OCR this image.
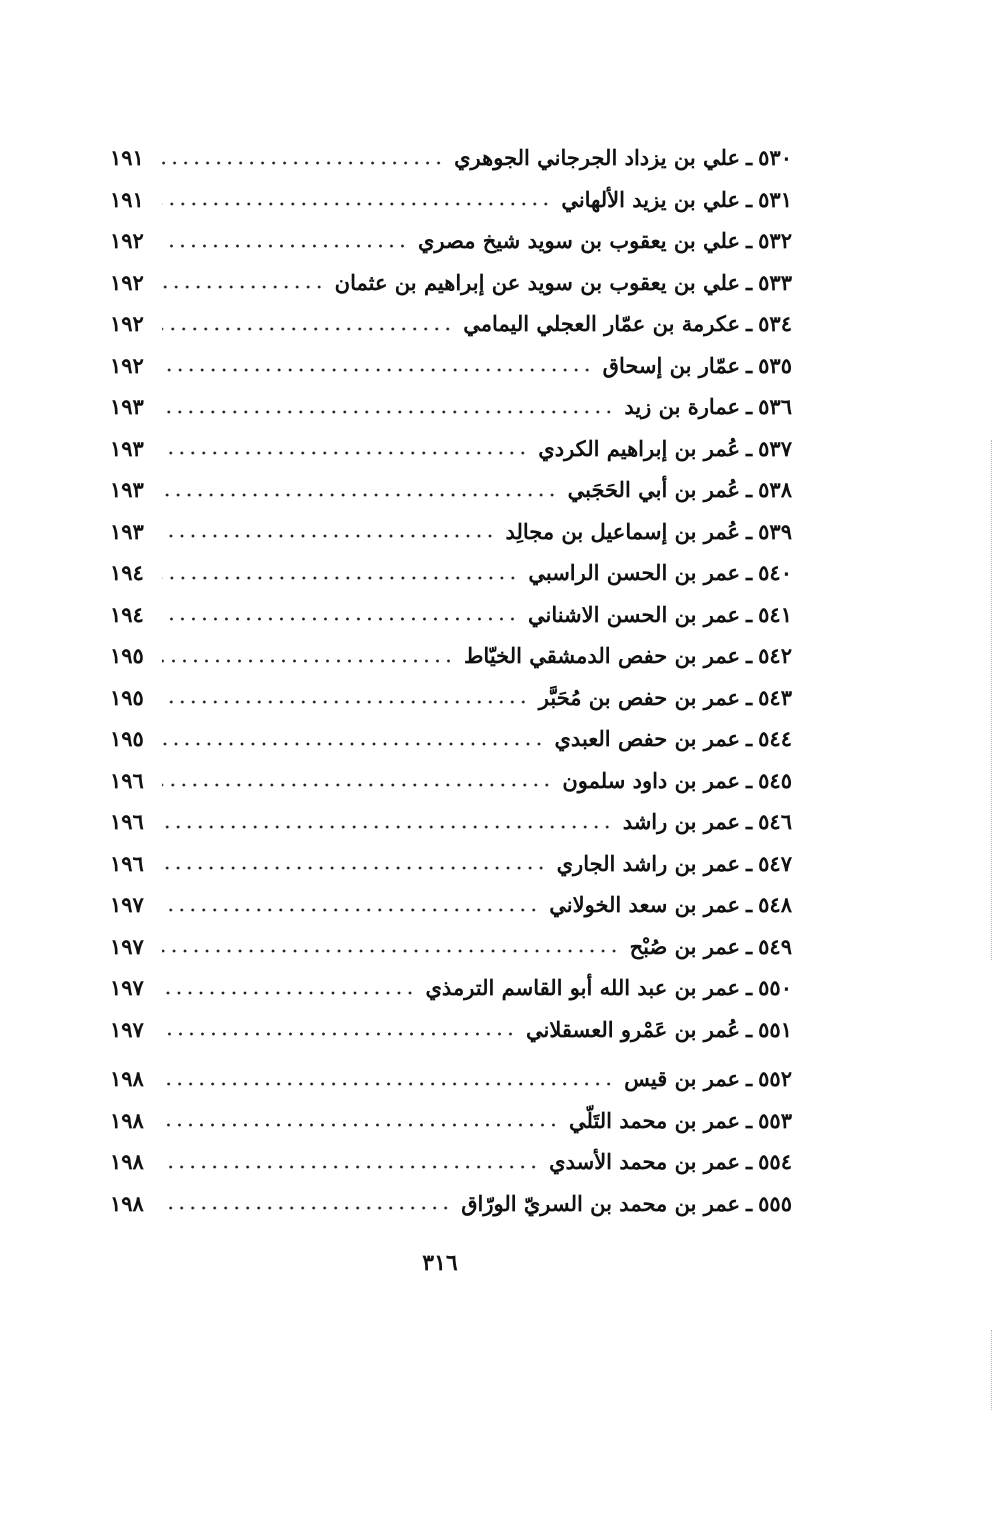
٥٣٠
ـ
علي بن يزداد الجرجاني الجوهري
١٩١
٥٣١
ـ
علي بن يزيد الألهاني
١٩١
٥٣٢
ـ
علي بن يعقوب بن سويد شيخ مصري
١٩٢
٥٣٣
ـ
علي بن يعقوب بن سويد عن إبراهيم بن عثمان
١٩٢
٥٣٤
ـ
عكرمة بن عمّار العجلي اليمامي
١٩٢
٥٣٥
ـ
عمّار بن إسحاق
١٩٢
٥٣٦
ـ
عمارة بن زيد
١٩٣
٥٣٧
ـ
عُمر بن إبراهيم الكردي
١٩٣
٥٣٨
ـ
عُمر بن أبي الحَجَبي
١٩٣
٥٣٩
ـ
عُمر بن إسماعيل بن مجالِد
١٩٣
٥٤٠
ـ
عمر بن الحسن الراسبي
١٩٤
٥٤١
ـ
عمر بن الحسن الاشناني
١٩٤
٥٤٢
ـ
عمر بن حفص الدمشقي الخيّاط
١٩٥
٥٤٣
ـ
عمر بن حفص بن مُحَبَّر
١٩٥
٥٤٤
ـ
عمر بن حفص العبدي
١٩٥
٥٤٥
ـ
عمر بن داود سلمون
١٩٦
٥٤٦
ـ
عمر بن راشد
١٩٦
٥٤٧
ـ
عمر بن راشد الجاري
١٩٦
٥٤٨
ـ
عمر بن سعد الخولاني
١٩٧
٥٤٩
ـ
عمر بن صُبْح
١٩٧
٥٥٠
ـ
عمر بن عبد الله أبو القاسم الترمذي
١٩٧
٥٥١
ـ
عُمر بن عَمْرو العسقلاني
١٩٧
٥٥٢
ـ
عمر بن قيس
١٩٨
٥٥٣
ـ
عمر بن محمد التَلّي
١٩٨
٥٥٤
ـ
عمر بن محمد الأسدي
١٩٨
٥٥٥
ـ
عمر بن محمد بن السريّ الورّاق
١٩٨
٣١٦
